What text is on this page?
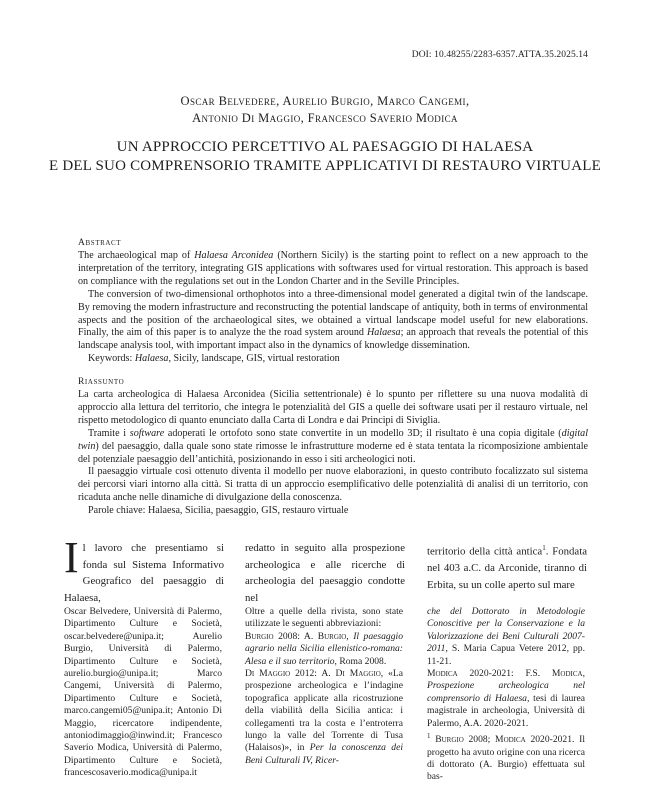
DOI: 10.48255/2283-6357.ATTA.35.2025.14
Oscar Belvedere, Aurelio Burgio, Marco Cangemi,
Antonio Di Maggio, Francesco Saverio Modica
UN APPROCCIO PERCETTIVO AL PAESAGGIO DI HALAESA
E DEL SUO COMPRENSORIO TRAMITE APPLICATIVI DI RESTAURO VIRTUALE
Abstract

The archaeological map of Halaesa Arconidea (Northern Sicily) is the starting point to reflect on a new approach to the interpretation of the territory, integrating GIS applications with softwares used for virtual restoration. This approach is based on compliance with the regulations set out in the London Charter and in the Seville Principles.

The conversion of two-dimensional orthophotos into a three-dimensional model generated a digital twin of the landscape. By removing the modern infrastructure and reconstructing the potential landscape of antiquity, both in terms of environmental aspects and the position of the archaeological sites, we obtained a virtual landscape model useful for new elaborations. Finally, the aim of this paper is to analyze the the road system around Halaesa; an approach that reveals the potential of this landscape analysis tool, with important impact also in the dynamics of knowledge dissemination.

Keywords: Halaesa, Sicily, landscape, GIS, virtual restoration

Riassunto

La carta archeologica di Halaesa Arconidea (Sicilia settentrionale) è lo spunto per riflettere su una nuova modalità di approccio alla lettura del territorio, che integra le potenzialità del GIS a quelle dei software usati per il restauro virtuale, nel rispetto metodologico di quanto enunciato dalla Carta di Londra e dai Principi di Siviglia.

Tramite i software adoperati le ortofoto sono state convertite in un modello 3D; il risultato è una copia digitale (digital twin) del paesaggio, dalla quale sono state rimosse le infrastrutture moderne ed è stata tentata la ricomposizione ambientale del potenziale paesaggio dell’antichità, posizionando in esso i siti archeologici noti.

Il paesaggio virtuale così ottenuto diventa il modello per nuove elaborazioni, in questo contributo focalizzato sul sistema dei percorsi viari intorno alla città. Si tratta di un approccio esemplificativo delle potenzialità di analisi di un territorio, con ricaduta anche nelle dinamiche di divulgazione della conoscenza.

Parole chiave: Halaesa, Sicilia, paesaggio, GIS, restauro virtuale

I l lavoro che presentiamo si fonda sul Sistema Informativo Geografico del paesaggio di Halaesa,

redatto in seguito alla prospezione archeologica e alle ricerche di archeologia del paesaggio condotte nel

territorio della città antica$^1$. Fondata nel 403 a.C. da Arconide, tiranno di Erbita, su un colle aperto sul mare

Oscar Belvedere, Università di Palermo, Dipartimento Culture e Società, oscar.belvedere@unipa.it; Aurelio Burgio, Università di Palermo, Dipartimento Culture e Società, aurelio.burgio@unipa.it; Marco Cangemi, Università di Palermo, Dipartimento Culture e Società, marco.cangemi05@unipa.it; Antonio Di Maggio, ricercatore indipendente, antoniodimaggio@inwind.it; Francesco Saverio Modica, Università di Palermo, Dipartimento Culture e Società, francescosaverio.modica@unipa.it

Oltre a quelle della rivista, sono state utilizzate le seguenti abbreviazioni:

Burgio 2008: A. Burgio, Il paesaggio agrario nella Sicilia ellenistico-romana: Alesa e il suo territorio, Roma 2008.

Di Maggio 2012: A. Di Maggio, «La prospezione archeologica e l’indagine topografica applicate alla ricostruzione della viabilità della Sicilia antica: i collegamenti tra la costa e l’entroterra lungo la valle del Torrente di Tusa (Halaisos)», in Per la conoscenza dei Beni Culturali IV, Ricer-

che del Dottorato in Metodologie Conoscitive per la Conservazione e la Valorizzazione dei Beni Culturali 2007-2011, S. Maria Capua Vetere 2012, pp. 11-21.

Modica 2020-2021: F.S. Modica, Prospezione archeologica nel comprensorio di Halaesa, tesi di laurea magistrale in archeologia, Università di Palermo, A.A. 2020-2021.

$^1$ Burgio 2008; Modica 2020-2021. Il progetto ha avuto origine con una ricerca di dottorato (A. Burgio) effettuata sul bas-
